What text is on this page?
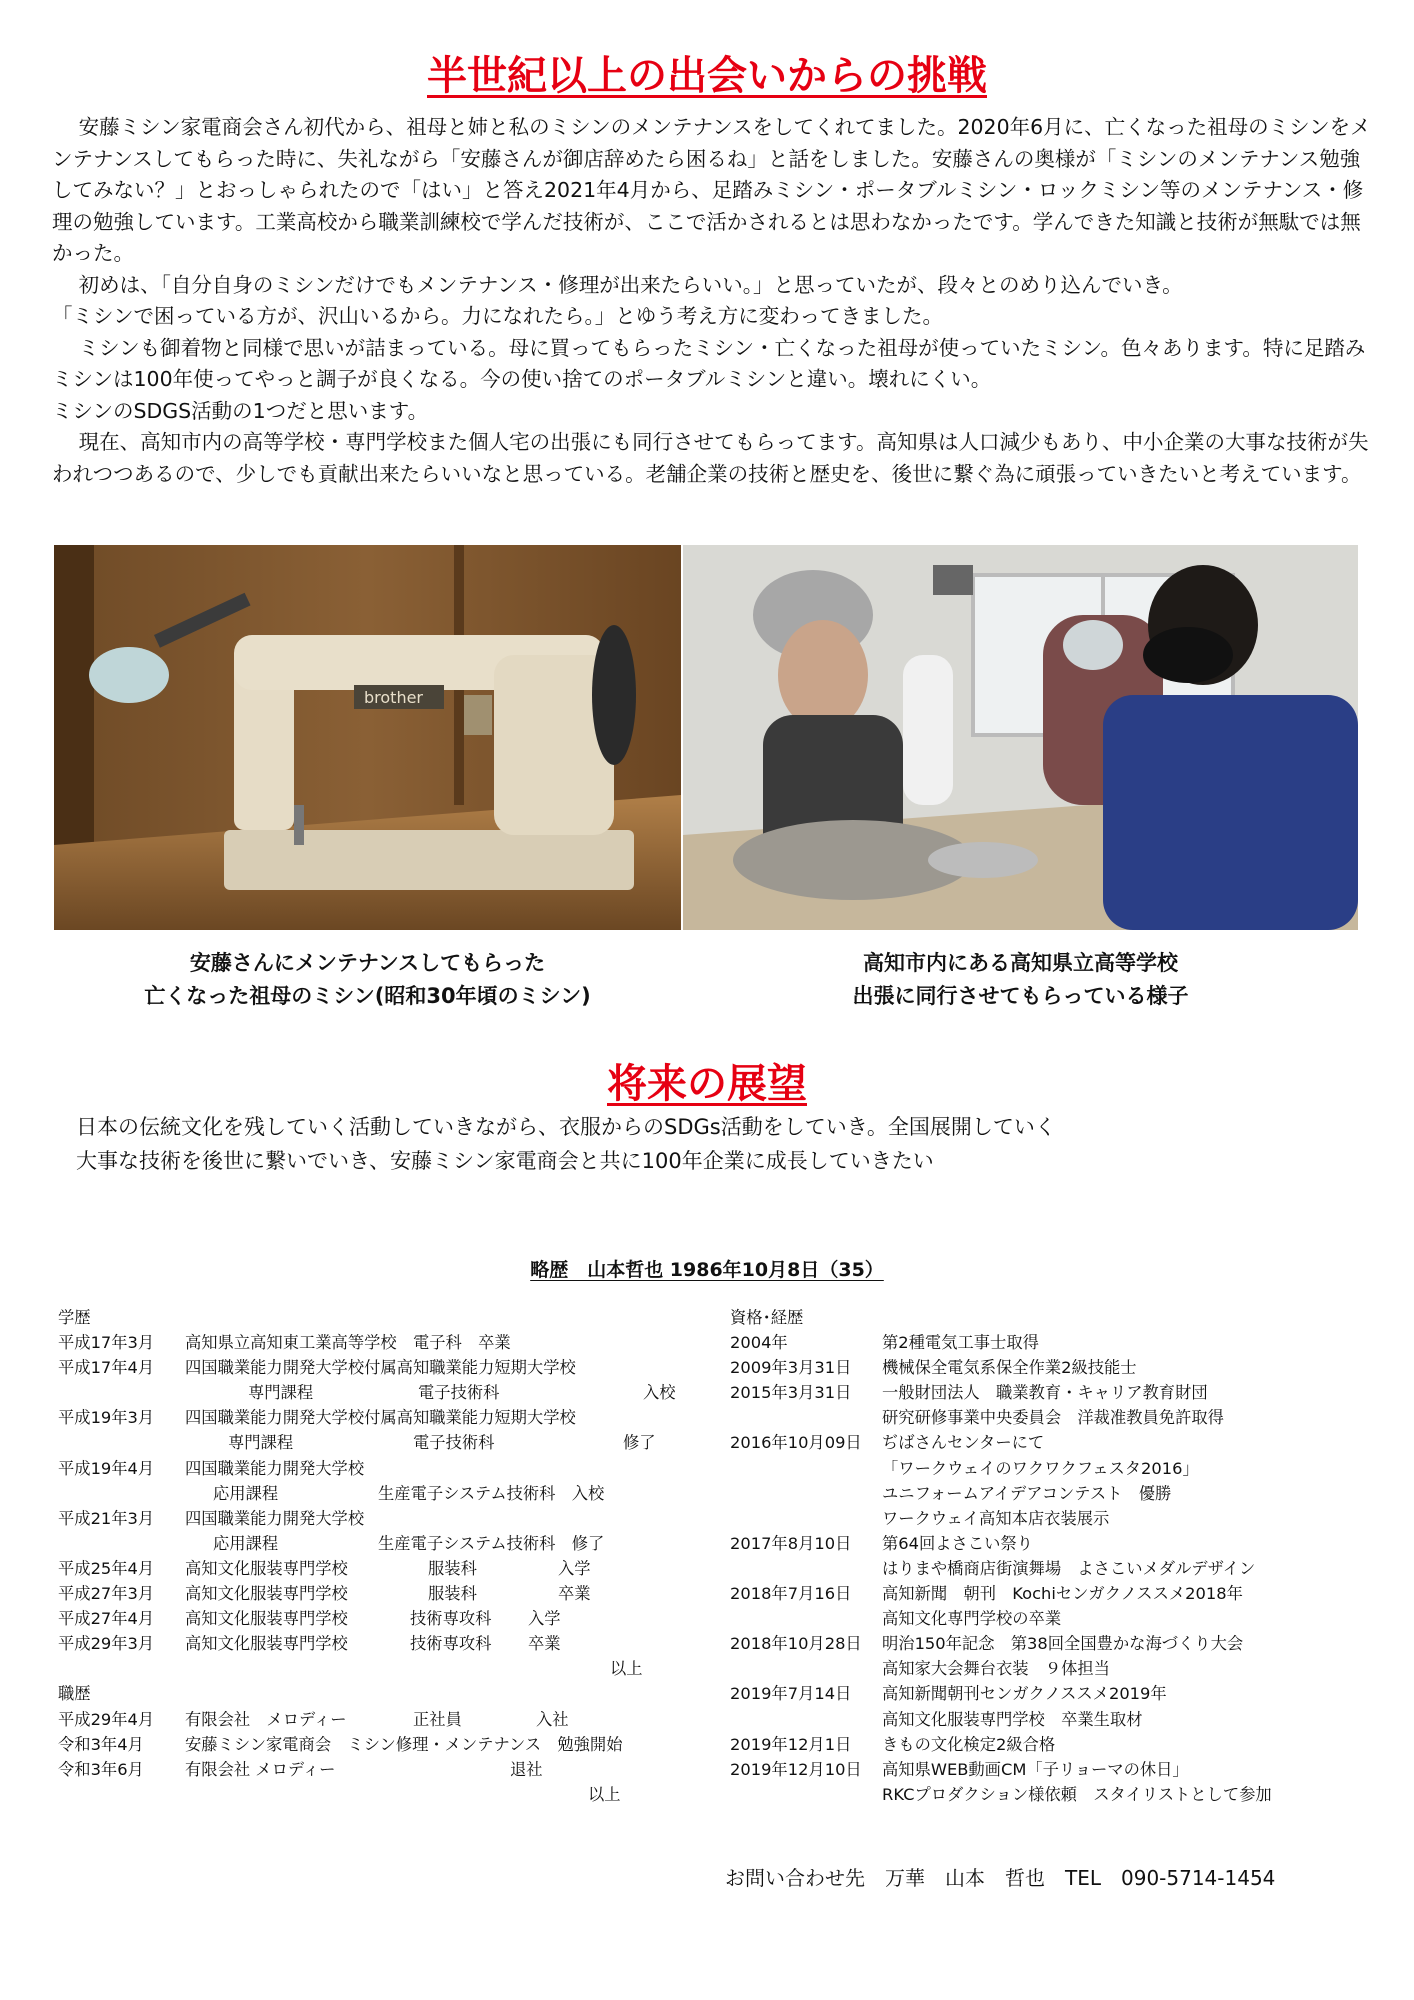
半世紀以上の出会いからの挑戦

安藤ミシン家電商会さん初代から、祖母と姉と私のミシンのメンテナンスをしてくれてました。2020年6月に、亡くなった祖母のミシンをメンテナンスしてもらった時に、失礼ながら「安藤さんが御店辞めたら困るね」と話をしました。安藤さんの奥様が「ミシンのメンテナンス勉強してみない？」とおっしゃられたので「はい」と答え2021年4月から、足踏みミシン・ポータブルミシン・ロックミシン等のメンテナンス・修理の勉強しています。工業高校から職業訓練校で学んだ技術が、ここで活かされるとは思わなかったです。学んできた知識と技術が無駄では無かった。

初めは、「自分自身のミシンだけでもメンテナンス・修理が出来たらいい。」と思っていたが、段々とのめり込んでいき。

「ミシンで困っている方が、沢山いるから。力になれたら。」とゆう考え方に変わってきました。

ミシンも御着物と同様で思いが詰まっている。母に買ってもらったミシン・亡くなった祖母が使っていたミシン。色々あります。特に足踏みミシンは100年使ってやっと調子が良くなる。今の使い捨てのポータブルミシンと違い。壊れにくい。

ミシンのSDGS活動の1つだと思います。

現在、高知市内の高等学校・専門学校また個人宅の出張にも同行させてもらってます。高知県は人口減少もあり、中小企業の大事な技術が失われつつあるので、少しでも貢献出来たらいいなと思っている。老舗企業の技術と歴史を、後世に繋ぐ為に頑張っていきたいと考えています。

brother
安藤さんにメンテナンスしてもらった
亡くなった祖母のミシン(昭和30年頃のミシン)
高知市内にある高知県立高等学校
出張に同行させてもらっている様子
将来の展望
日本の伝統文化を残していく活動していきながら、衣服からのSDGs活動をしていき。全国展開していく
大事な技術を後世に繋いでいき、安藤ミシン家電商会と共に100年企業に成長していきたい
略歴　山本哲也 1986年10月8日（35）
学歴
平成17年3月 高知県立高知東工業高等学校　電子科　卒業
平成17年4月 四国職業能力開発大学校付属高知職業能力短期大学校
専門課程	電子技術科	入校
平成19年3月 四国職業能力開発大学校付属高知職業能力短期大学校
専門課程	電子技術科	修了
平成19年4月 四国職業能力開発大学校
応用課程	生産電子システム技術科　入校
平成21年3月 四国職業能力開発大学校
応用課程	生産電子システム技術科　修了
平成25年4月 高知文化服装専門学校	服装科	入学
平成27年3月 高知文化服装専門学校	服装科	卒業
平成27年4月 高知文化服装専門学校	技術専攻科 入学
平成29年3月 高知文化服装専門学校	技術専攻科 卒業
以上
職歴
平成29年4月 有限会社　メロディー	正社員	入社
令和3年4月	安藤ミシン家電商会　ミシン修理・メンテナンス　勉強開始
令和3年6月	有限会社 メロディー	退社
以上
資格･経歴
2004年	第2種電気工事士取得
2009年3月31日 機械保全電気系保全作業2級技能士
2015年3月31日 一般財団法人　職業教育・キャリア教育財団
研究研修事業中央委員会　洋裁准教員免許取得
2016年10月09日 ぢばさんセンターにて
「ワークウェイのワクワクフェスタ2016」
ユニフォームアイデアコンテスト　優勝
ワークウェイ高知本店衣装展示
2017年8月10日 第64回よさこい祭り
はりまや橋商店街演舞場　よさこいメダルデザイン
2018年7月16日 高知新聞　朝刊　Kochiセンガクノススメ2018年
高知文化専門学校の卒業
2018年10月28日 明治150年記念　第38回全国豊かな海づくり大会
高知家大会舞台衣装　９体担当
2019年7月14日 高知新聞朝刊センガクノススメ2019年
高知文化服装専門学校　卒業生取材
2019年12月1日 きもの文化検定2級合格
2019年12月10日 高知県WEB動画CM「子リョーマの休日」
RKCプロダクション様依頼　スタイリストとして参加
お問い合わせ先　万華　山本　哲也　TEL　090-5714-1454
